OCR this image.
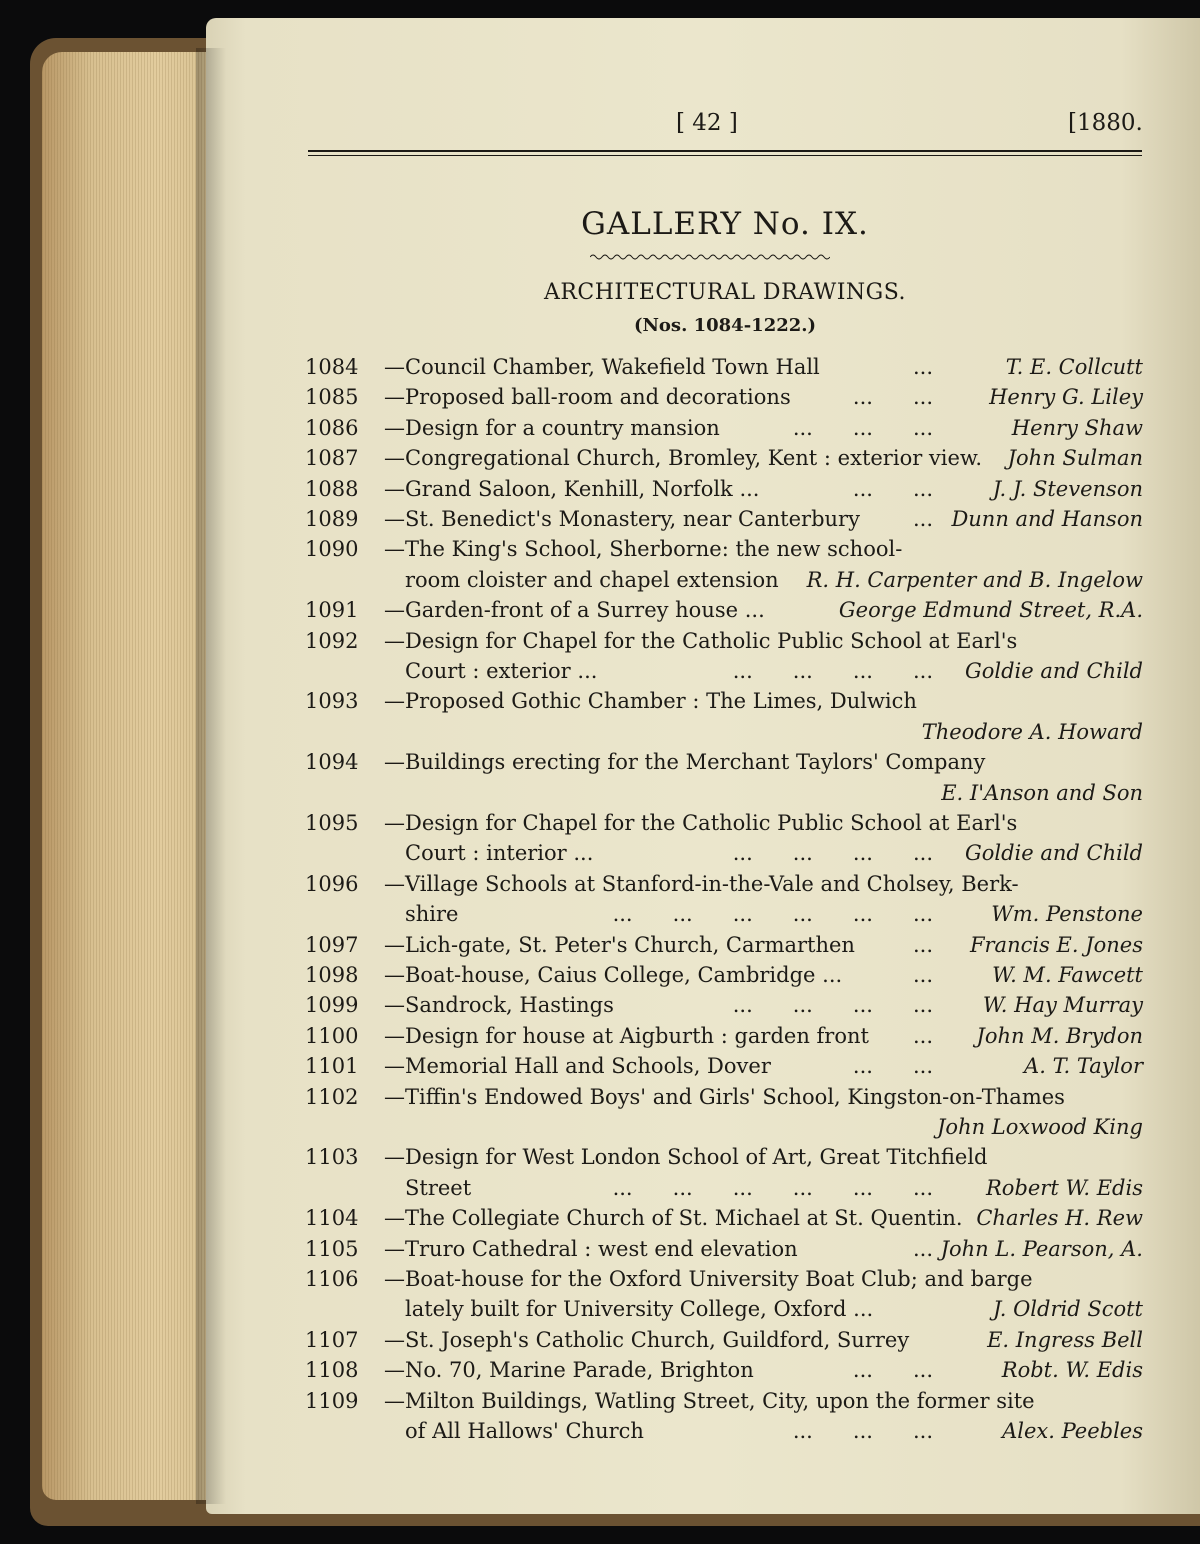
[ 42 ]	[1880.
GALLERY No. IX.
ARCHITECTURAL DRAWINGS.
(Nos. 1084-1222.)
1084 —Council Chamber, Wakefield Town Hall	...	T. E. Collcutt
1085 —Proposed ball-room and decorations	...      ...	Henry G. Liley
1086 —Design for a country mansion	...      ...      ...	Henry Shaw
1087 —Congregational Church, Bromley, Kent : exterior view. John Sulman
1088 —Grand Saloon, Kenhill, Norfolk ...	...      ...	J. J. Stevenson
1089 —St. Benedict's Monastery, near Canterbury	... Dunn and Hanson
1090 —The King's School, Sherborne: the new school-
room cloister and chapel extension R. H. Carpenter and B. Ingelow
1091 —Garden-front of a Surrey house ...	George Edmund Street, R.A.
1092 —Design for Chapel for the Catholic Public School at Earl's
Court : exterior ...	...      ...      ...      ... Goldie and Child
1093 —Proposed Gothic Chamber : The Limes, Dulwich
Theodore A. Howard
1094 —Buildings erecting for the Merchant Taylors' Company
E. I'Anson and Son
1095 —Design for Chapel for the Catholic Public School at Earl's
Court : interior ...	...      ...      ...      ... Goldie and Child
1096 —Village Schools at Stanford-in-the-Vale and Cholsey, Berk-
shire	...      ...      ...      ...      ...      ...	Wm. Penstone
1097 —Lich-gate, St. Peter's Church, Carmarthen	... Francis E. Jones
1098 —Boat-house, Caius College, Cambridge ...	...	W. M. Fawcett
1099 —Sandrock, Hastings	...      ...      ...      ... W. Hay Murray
1100 —Design for house at Aigburth : garden front ... John M. Brydon
1101 —Memorial Hall and Schools, Dover	...      ...	A. T. Taylor
1102 —Tiffin's Endowed Boys' and Girls' School, Kingston-on-Thames
John Loxwood King
1103 —Design for West London School of Art, Great Titchfield
Street	...      ...      ...      ...      ...      ...	Robert W. Edis
1104 —The Collegiate Church of St. Michael at St. Quentin. Charles H. Rew
1105 —Truro Cathedral : west end elevation	... John L. Pearson, A.
1106 —Boat-house for the Oxford University Boat Club; and barge
lately built for University College, Oxford ...	J. Oldrid Scott
1107 —St. Joseph's Catholic Church, Guildford, Surrey	E. Ingress Bell
1108 —No. 70, Marine Parade, Brighton	...      ...	Robt. W. Edis
1109 —Milton Buildings, Watling Street, City, upon the former site
of All Hallows' Church	...      ...      ...	Alex. Peebles
